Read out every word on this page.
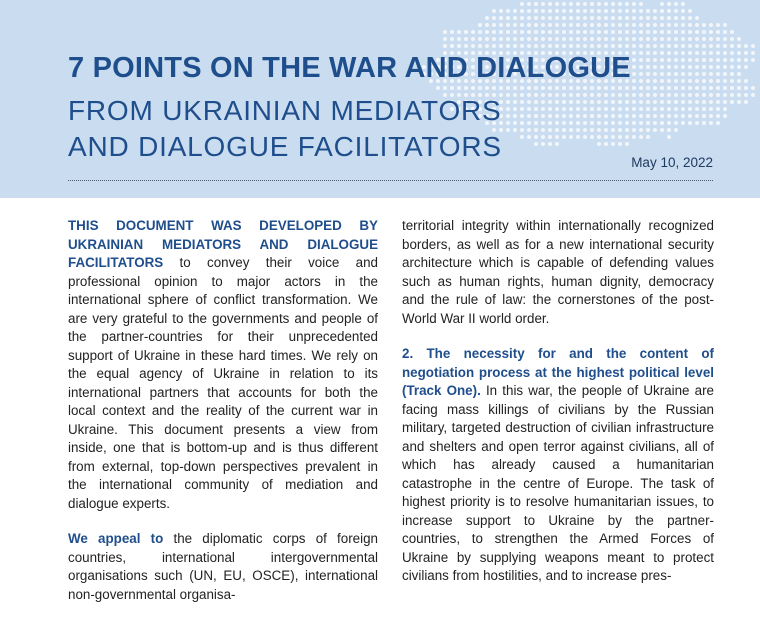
7 POINTS ON THE WAR AND DIALOGUE
FROM UKRAINIAN MEDIATORS
AND DIALOGUE FACILITATORS
May 10, 2022

THIS DOCUMENT WAS DEVELOPED BY UKRAINIAN MEDIATORS AND DIALOGUE FACILITATORS to convey their voice and professional opinion to major actors in the international sphere of conflict transformation. We are very grateful to the governments and people of the partner-countries for their unprecedented support of Ukraine in these hard times. We rely on the equal agency of Ukraine in relation to its international partners that accounts for both the local context and the reality of the current war in Ukraine. This document presents a view from inside, one that is bottom-up and is thus different from external, top-down perspectives prevalent in the international community of mediation and dialogue experts.

We appeal to the diplomatic corps of foreign countries, international intergovernmental organisations such (UN, EU, OSCE), international non-governmental organisa-

territorial integrity within internationally recognized borders, as well as for a new international security architecture which is capable of defending values such as human rights, human dignity, democracy and the rule of law: the cornerstones of the post-World War II world order.

2. The necessity for and the content of negotiation process at the highest political level (Track One). In this war, the people of Ukraine are facing mass killings of civilians by the Russian military, targeted destruction of civilian infrastructure and shelters and open terror against civilians, all of which has already caused a humanitarian catastrophe in the centre of Europe. The task of highest priority is to resolve humanitarian issues, to increase support to Ukraine by the partner-countries, to strengthen the Armed Forces of Ukraine by supplying weapons meant to protect civilians from hostilities, and to increase pres-
